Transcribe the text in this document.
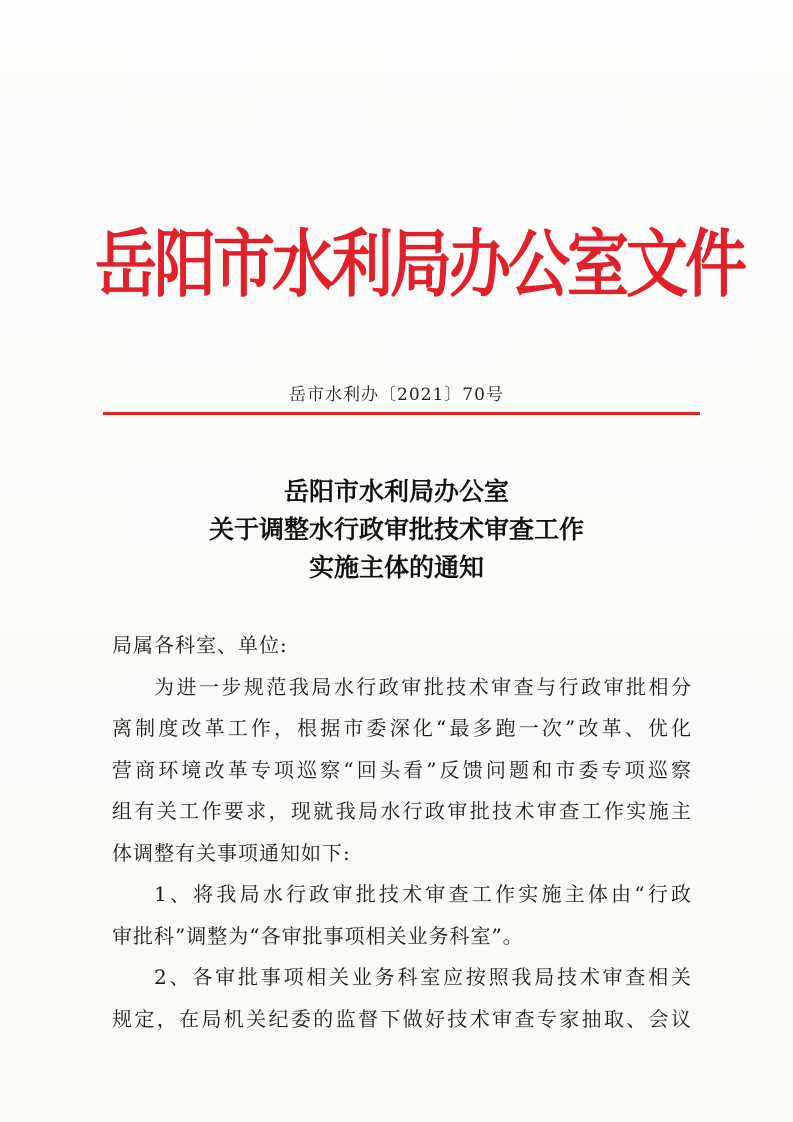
岳阳市水利局办公室文件
岳市水利办〔2021〕70号
岳阳市水利局办公室
关于调整水行政审批技术审查工作
实施主体的通知
局属各科室、单位:
为进一步规范我局水行政审批技术审查与行政审批相分
离制度改革工作，根据市委深化“最多跑一次”改革、优化
营商环境改革专项巡察“回头看”反馈问题和市委专项巡察
组有关工作要求，现就我局水行政审批技术审查工作实施主
体调整有关事项通知如下:
1、将我局水行政审批技术审查工作实施主体由“行政
审批科”调整为“各审批事项相关业务科室”。
2、各审批事项相关业务科室应按照我局技术审查相关
规定，在局机关纪委的监督下做好技术审查专家抽取、会议
